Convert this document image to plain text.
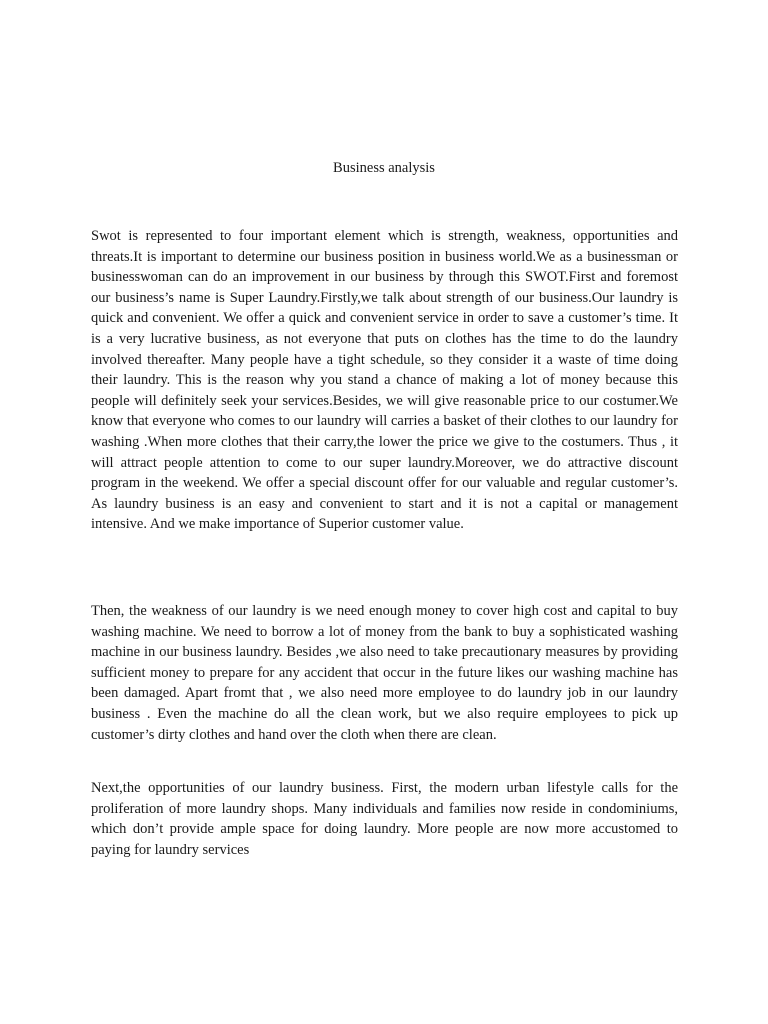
Business analysis

Swot is represented to four important element which is strength, weakness, opportunities and threats.It is important to determine our business position in business world.We as a businessman or businesswoman can do an improvement in our business by through this SWOT.First and foremost our business’s name is Super Laundry.Firstly,we talk about strength of our business.Our laundry is quick and convenient. We offer a quick and convenient service in order to save a customer’s time. It is a very lucrative business, as not everyone that puts on clothes has the time to do the laundry involved thereafter. Many people have a tight schedule, so they consider it a waste of time doing their laundry. This is the reason why you stand a chance of making a lot of money because this people will definitely seek your services.Besides, we will give reasonable price to our costumer.We know that everyone who comes to our laundry will carries a basket of their clothes to our laundry for washing .When more clothes that their carry,the lower the price we give to the costumers. Thus , it will attract people attention to come to our super laundry.Moreover, we do attractive discount program in the weekend. We offer a special discount offer for our valuable and regular customer’s. As laundry business is an easy and convenient to start and it is not a capital or management intensive. And we make importance of Superior customer value.

Then, the weakness of our laundry is we need enough money to cover high cost and capital to buy washing machine. We need to borrow a lot of money from the bank to buy a sophisticated washing machine in our business laundry. Besides ,we also need to take precautionary measures by providing sufficient money to prepare for any accident that occur in the future likes our washing machine has been damaged. Apart fromt that , we also need more employee to do laundry job in our laundry business . Even the machine do all the clean work, but we also require employees to pick up customer’s dirty clothes and hand over the cloth when there are clean.

Next,the opportunities of our laundry business. First, the modern urban lifestyle calls for the proliferation of more laundry shops. Many individuals and families now reside in condominiums, which don’t provide ample space for doing laundry. More people are now more accustomed to paying for laundry services
